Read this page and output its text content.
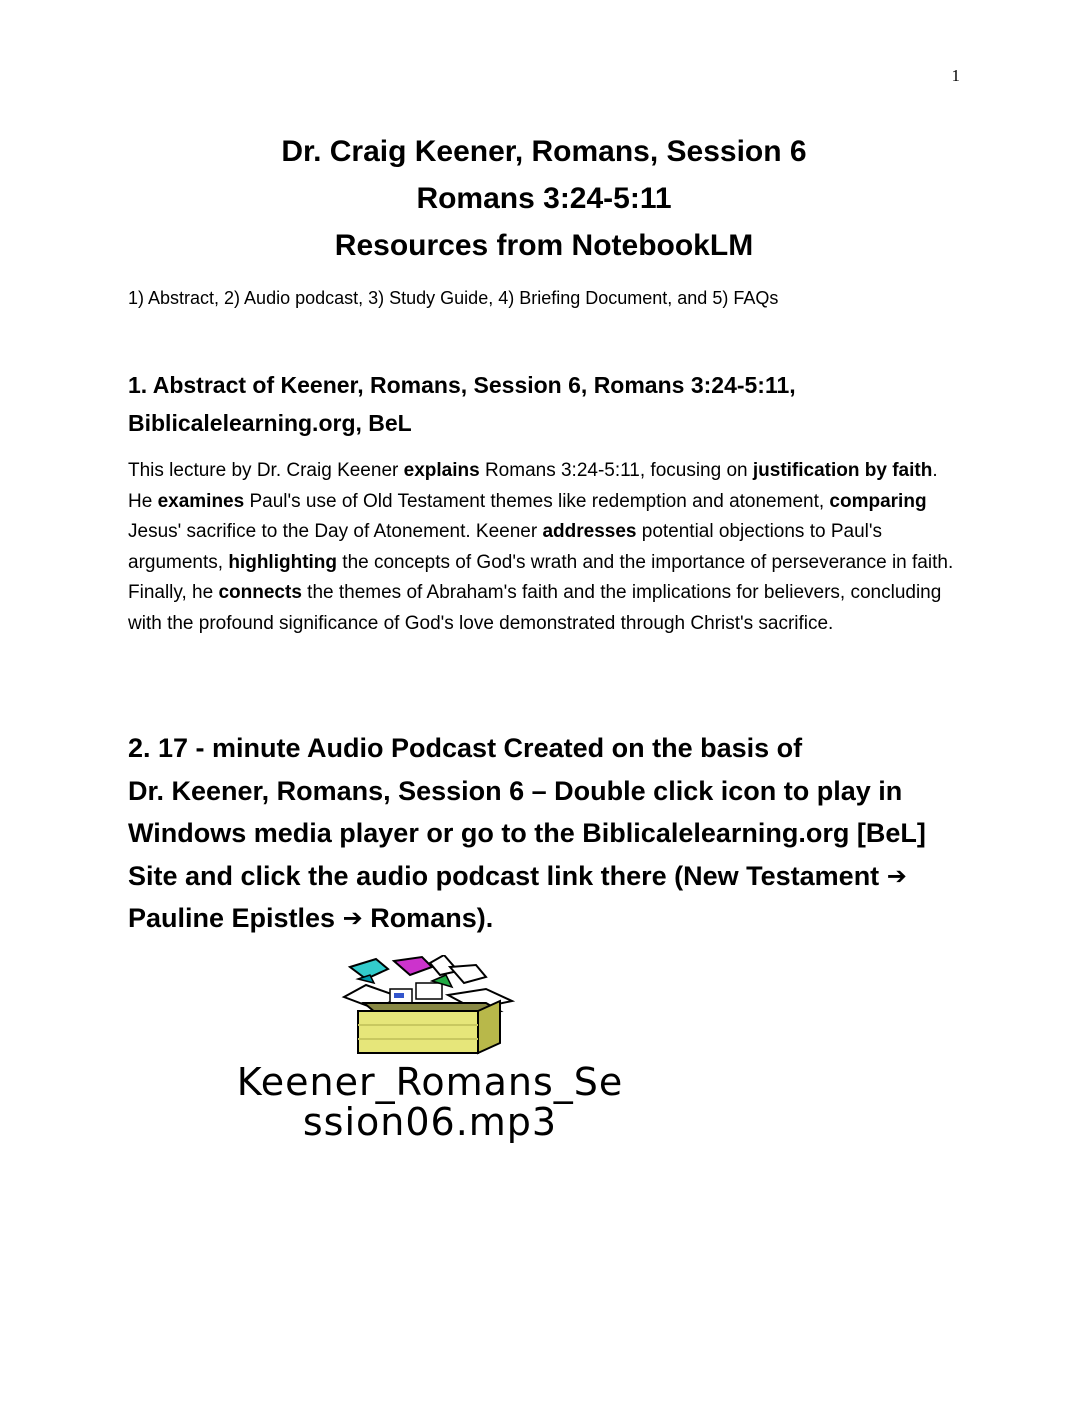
1
Dr. Craig Keener, Romans, Session 6
Romans 3:24-5:11
Resources from NotebookLM
1) Abstract, 2) Audio podcast, 3) Study Guide, 4) Briefing Document, and 5) FAQs
1. Abstract of Keener, Romans, Session 6, Romans 3:24-5:11,
Biblicalelearning.org, BeL
This lecture by Dr. Craig Keener explains Romans 3:24-5:11, focusing on justification by faith. He examines Paul's use of Old Testament themes like redemption and atonement, comparing Jesus' sacrifice to the Day of Atonement. Keener addresses potential objections to Paul's arguments, highlighting the concepts of God's wrath and the importance of perseverance in faith. Finally, he connects the themes of Abraham's faith and the implications for believers, concluding with the profound significance of God's love demonstrated through Christ's sacrifice.
2. 17 - minute Audio Podcast Created on the basis of
Dr. Keener, Romans, Session 6 – Double click icon to play in
Windows media player or go to the Biblicalelearning.org [BeL]
Site and click the audio podcast link there (New Testament ➔
Pauline Epistles ➔ Romans).
Keener_Romans_Se
ssion06.mp3
